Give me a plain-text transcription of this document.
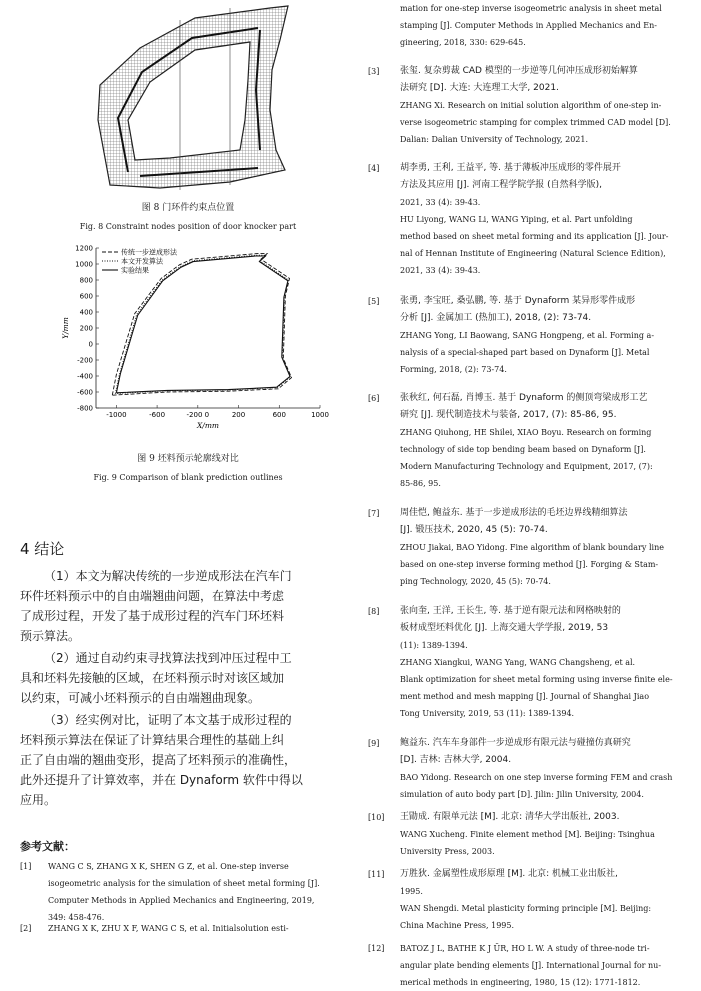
图 8 门环件约束点位置
Fig. 8 Constraint nodes position of door knocker part
1200
1000
800
600
400
200
0
-200
-400
-600
-800
-1000	-600	-200 0	200	600	1000
X/mm
Y/mm
传统一步逆成形法
本文开发算法
实验结果
图 9 坯料预示轮廓线对比
Fig. 9 Comparison of blank prediction outlines
4 结论
（1）本文为解决传统的一步逆成形法在汽车门
环件坯料预示中的自由端翘曲问题，在算法中考虑
了成形过程，开发了基于成形过程的汽车门环坯料
预示算法。
（2）通过自动约束寻找算法找到冲压过程中工
具和坯料先接触的区域，在坯料预示时对该区域加
以约束，可减小坯料预示的自由端翘曲现象。
（3）经实例对比，证明了本文基于成形过程的
坯料预示算法在保证了计算结果合理性的基础上纠
正了自由端的翘曲变形，提高了坯料预示的准确性，
此外还提升了计算效率，并在 Dynaform 软件中得以
应用。
参考文献：
[1] WANG C S, ZHANG X K, SHEN G Z, et al. One-step inverse
isogeometric analysis for the simulation of sheet metal forming [J].
Computer Methods in Applied Mechanics and Engineering, 2019,
349: 458-476.
[2] ZHANG X K, ZHU X F, WANG C S, et al. Initialsolution esti-
mation for one-step inverse isogeometric analysis in sheet metal
stamping [J]. Computer Methods in Applied Mechanics and En-
gineering, 2018, 330: 629-645.
[3] 张玺. 复杂剪裁 CAD 模型的一步逆等几何冲压成形初始解算
法研究 [D]. 大连: 大连理工大学, 2021.
ZHANG Xi. Research on initial solution algorithm of one-step in-
verse isogeometric stamping for complex trimmed CAD model [D].
Dalian: Dalian University of Technology, 2021.
[4] 胡李勇, 王利, 王益平, 等. 基于薄板冲压成形的零件展开
方法及其应用 [J]. 河南工程学院学报 (自然科学版),
2021, 33 (4): 39-43.
HU Liyong, WANG Li, WANG Yiping, et al. Part unfolding
method based on sheet metal forming and its application [J]. Jour-
nal of Hennan Institute of Engineering (Natural Science Edition),
2021, 33 (4): 39-43.
[5] 张勇, 李宝旺, 桑弘鹏, 等. 基于 Dynaform 某异形零件成形
分析 [J]. 金属加工 (热加工), 2018, (2): 73-74.
ZHANG Yong, LI Baowang, SANG Hongpeng, et al. Forming a-
nalysis of a special-shaped part based on Dynaform [J]. Metal
Forming, 2018, (2): 73-74.
[6] 张秋红, 何石磊, 肖博玉. 基于 Dynaform 的侧顶弯梁成形工艺
研究 [J]. 现代制造技术与装备, 2017, (7): 85-86, 95.
ZHANG Qiuhong, HE Shilei, XIAO Boyu. Research on forming
technology of side top bending beam based on Dynaform [J].
Modern Manufacturing Technology and Equipment, 2017, (7):
85-86, 95.
[7] 周佳恺, 鲍益东. 基于一步逆成形法的毛坯边界线精细算法
[J]. 锻压技术, 2020, 45 (5): 70-74.
ZHOU Jiakai, BAO Yidong. Fine algorithm of blank boundary line
based on one-step inverse forming method [J]. Forging & Stam-
ping Technology, 2020, 45 (5): 70-74.
[8] 张向奎, 王洋, 王长生, 等. 基于逆有限元法和网格映射的
板材成型坯料优化 [J]. 上海交通大学学报, 2019, 53
(11): 1389-1394.
ZHANG Xiangkui, WANG Yang, WANG Changsheng, et al.
Blank optimization for sheet metal forming using inverse finite ele-
ment method and mesh mapping [J]. Journal of Shanghai Jiao
Tong University, 2019, 53 (11): 1389-1394.
[9] 鲍益东. 汽车车身部件一步逆成形有限元法与碰撞仿真研究
[D]. 吉林: 吉林大学, 2004.
BAO Yidong. Research on one step inverse forming FEM and crash
simulation of auto body part [D]. Jilin: Jilin University, 2004.
[10] 王勖成. 有限单元法 [M]. 北京: 清华大学出版社, 2003.
WANG Xucheng. Finite element method [M]. Beijing: Tsinghua
University Press, 2003.
[11] 万胜狄. 金属塑性成形原理 [M]. 北京: 机械工业出版社,
1995.
WAN Shengdi. Metal plasticity forming principle [M]. Beijing:
China Machine Press, 1995.
[12] BATOZ J L, BATHE K J ÜR, HO L W. A study of three-node tri-
angular plate bending elements [J]. International Journal for nu-
merical methods in engineering, 1980, 15 (12): 1771-1812.
